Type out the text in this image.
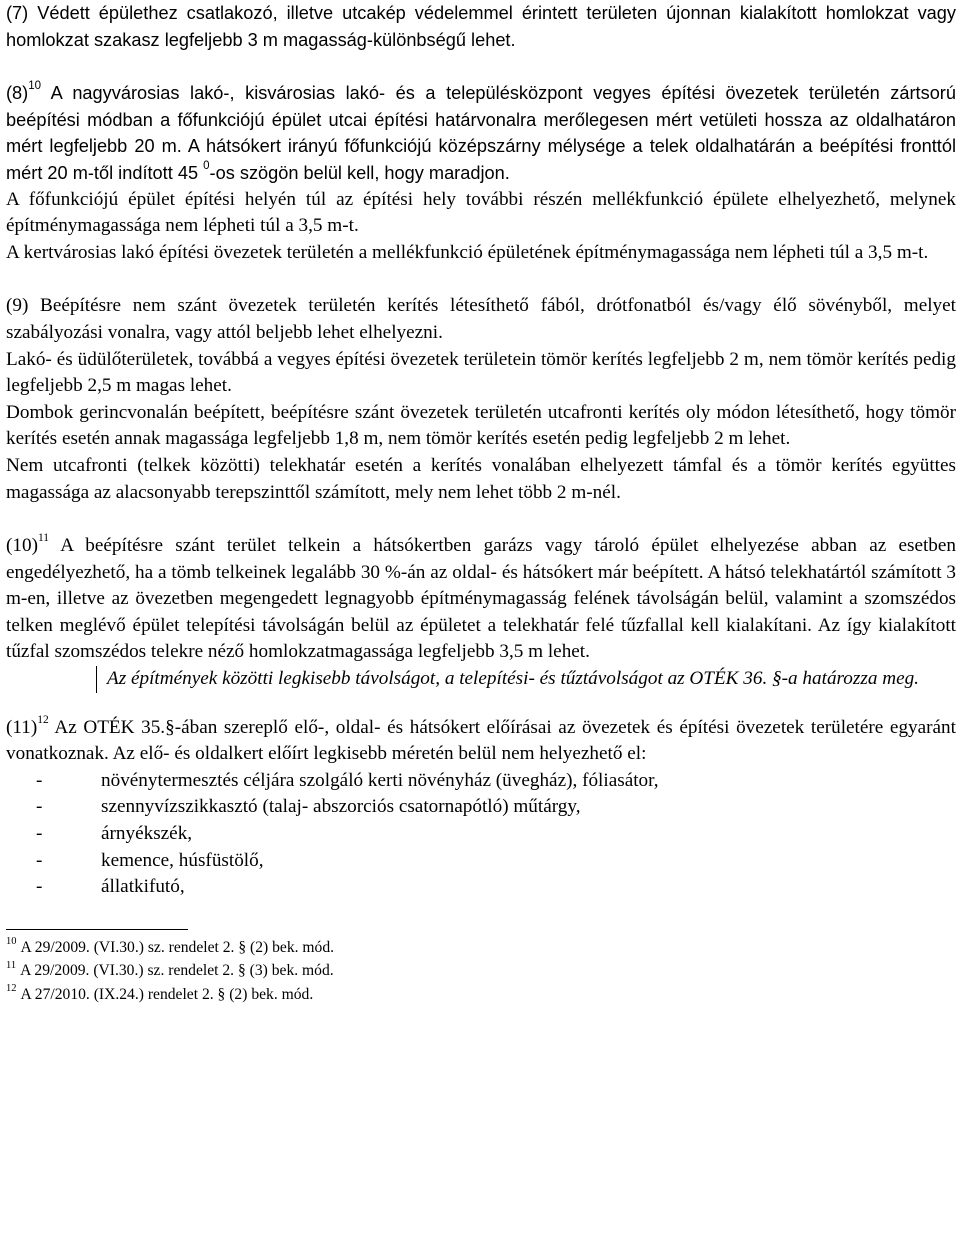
(7) Védett épülethez csatlakozó, illetve utcakép védelemmel érintett területen újonnan kialakított homlokzat vagy homlokzat szakasz legfeljebb 3 m magasság-különbségű lehet.

$(8)^{10}$ A nagyvárosias lakó-, kisvárosias lakó- és a településközpont vegyes építési övezetek területén zártsorú beépítési módban a főfunkciójú épület utcai építési határvonalra merőlegesen mért vetületi hossza az oldalhatáron mért legfeljebb 20 m. A hátsókert irányú főfunkciójú középszárny mélysége a telek oldalhatárán a beépítési fronttól mért 20 m-től indított 45 $^0$-os szögön belül kell, hogy maradjon.

A főfunkciójú épület építési helyén túl az építési hely további részén mellékfunkció épülete elhelyezhető, melynek építménymagassága nem lépheti túl a 3,5 m-t.

A kertvárosias lakó építési övezetek területén a mellékfunkció épületének építménymagassága nem lépheti túl a 3,5 m-t.

(9) Beépítésre nem szánt övezetek területén kerítés létesíthető fából, drótfonatból és/vagy élő sövényből, melyet szabályozási vonalra, vagy attól beljebb lehet elhelyezni.

Lakó- és üdülőterületek, továbbá a vegyes építési övezetek területein tömör kerítés legfeljebb 2 m, nem tömör kerítés pedig legfeljebb 2,5 m magas lehet.

Dombok gerincvonalán beépített, beépítésre szánt övezetek területén utcafronti kerítés oly módon létesíthető, hogy tömör kerítés esetén annak magassága legfeljebb 1,8 m, nem tömör kerítés esetén pedig legfeljebb 2 m lehet.

Nem utcafronti (telkek közötti) telekhatár esetén a kerítés vonalában elhelyezett támfal és a tömör kerítés együttes magassága az alacsonyabb terepszinttől számított, mely nem lehet több 2 m-nél.

$(10)^{11}$ A beépítésre szánt terület telkein a hátsókertben garázs vagy tároló épület elhelyezése abban az esetben engedélyezhető, ha a tömb telkeinek legalább 30 %-án az oldal- és hátsókert már beépített. A hátsó telekhatártól számított 3 m-en, illetve az övezetben megengedett legnagyobb építménymagasság felének távolságán belül, valamint a szomszédos telken meglévő épület telepítési távolságán belül az épületet a telekhatár felé tűzfallal kell kialakítani. Az így kialakított tűzfal szomszédos telekre néző homlokzatmagassága legfeljebb 3,5 m lehet.

Az építmények közötti legkisebb távolságot, a telepítési- és tűztávolságot az OTÉK 36. §-a határozza meg.

$(11)^{12}$ Az OTÉK 35.§-ában szereplő elő-, oldal- és hátsókert előírásai az övezetek és építési övezetek területére egyaránt vonatkoznak. Az elő- és oldalkert előírt legkisebb méretén belül nem helyezhető el:

-	növénytermesztés céljára szolgáló kerti növényház (üvegház), fóliasátor,
-	szennyvízszikkasztó (talaj- abszorciós csatornapótló) műtárgy,
-	árnyékszék,
-	kemence, húsfüstölő,
-	állatkifutó,
$^{10}$ A 29/2009. (VI.30.) sz. rendelet 2. § (2) bek. mód.
$^{11}$ A 29/2009. (VI.30.) sz. rendelet 2. § (3) bek. mód.
$^{12}$ A 27/2010. (IX.24.) rendelet 2. § (2) bek. mód.
